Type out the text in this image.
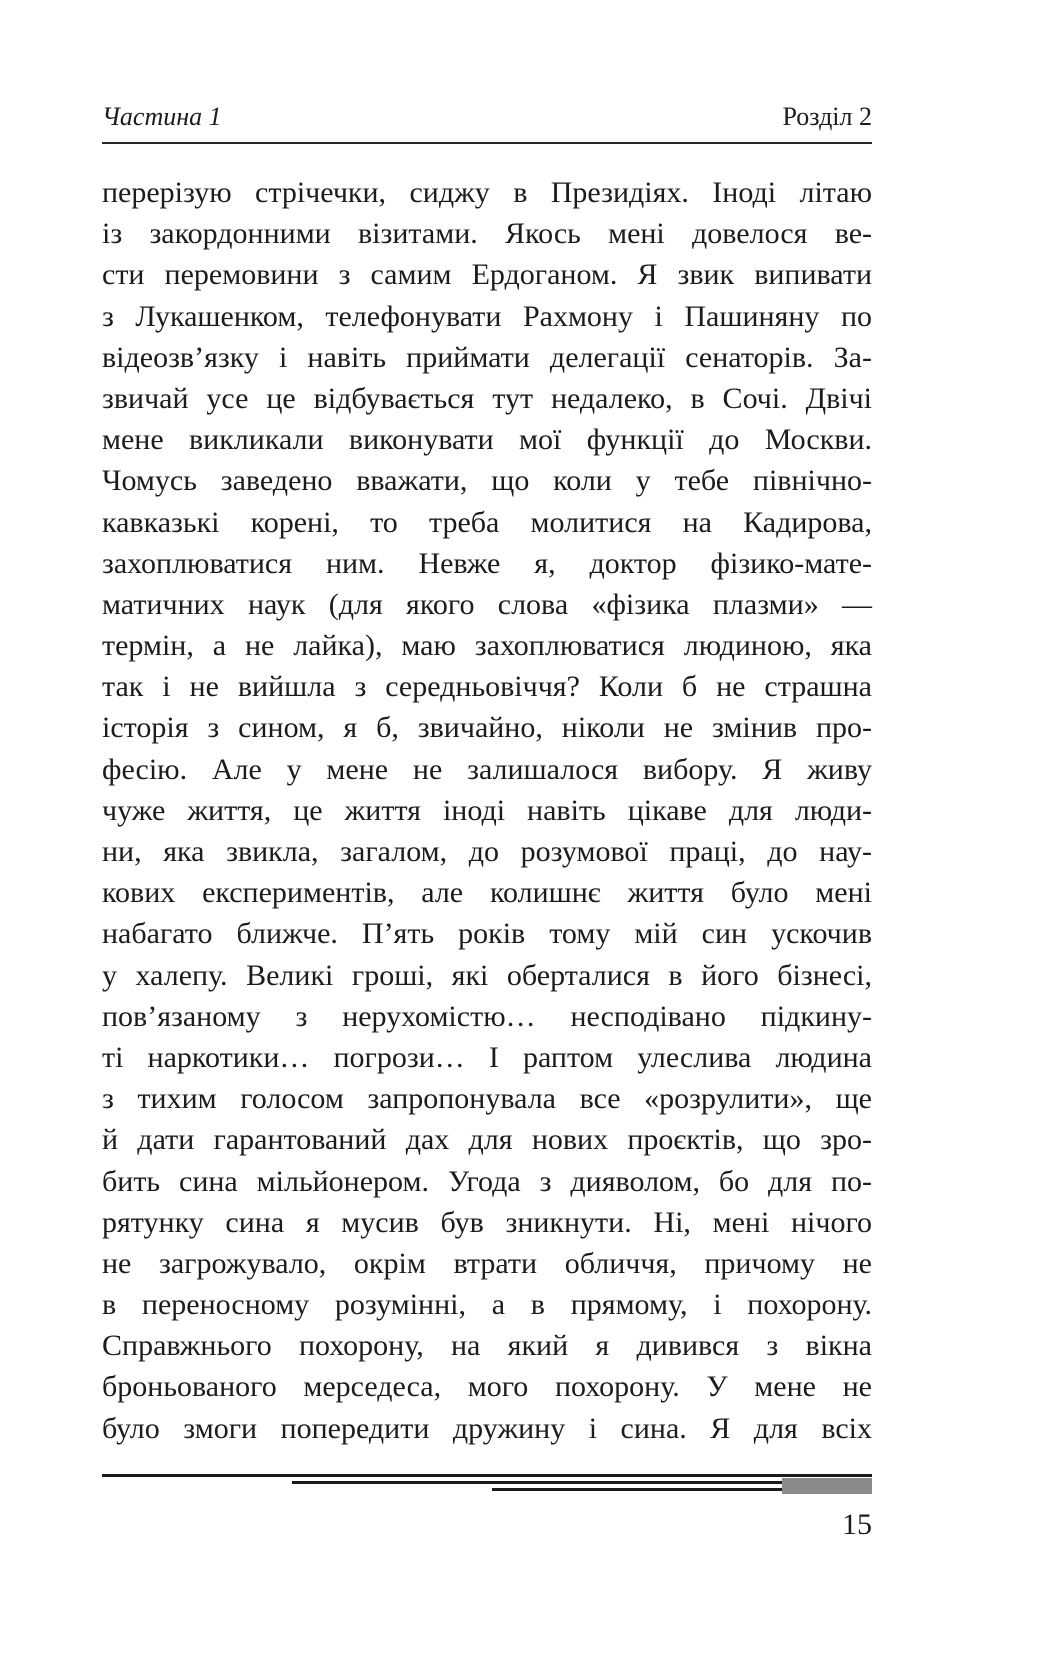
Частина 1	Розділ 2
перерізую стрічечки, сиджу в Президіях. Іноді літаю
із закордонними візитами. Якось мені довелося ве-
сти перемовини з самим Ердоганом. Я звик випивати
з Лукашенком, телефонувати Рахмону і Пашиняну по
відеозв’язку і навіть приймати делегації сенаторів. За-
звичай усе це відбувається тут недалеко, в Сочі. Двічі
мене викликали виконувати мої функції до Москви.
Чомусь заведено вважати, що коли у тебе північно-
кавказькі корені, то треба молитися на Кадирова,
захоплюватися ним. Невже я, доктор фізико-мате-
матичних наук (для якого слова «фізика плазми» —
термін, а не лайка), маю захоплюватися людиною, яка
так і не вийшла з середньовіччя? Коли б не страшна
історія з сином, я б, звичайно, ніколи не змінив про-
фесію. Але у мене не залишалося вибору. Я живу
чуже життя, це життя іноді навіть цікаве для люди-
ни, яка звикла, загалом, до розумової праці, до нау-
кових експериментів, але колишнє життя було мені
набагато ближче. П’ять років тому мій син ускочив
у халепу. Великі гроші, які оберталися в його бізнесі,
пов’язаному з нерухомістю… несподівано підкину-
ті наркотики… погрози… І раптом улеслива людина
з тихим голосом запропонувала все «розрулити», ще
й дати гарантований дах для нових проєктів, що зро-
бить сина мільйонером. Угода з дияволом, бо для по-
рятунку сина я мусив був зникнути. Ні, мені нічого
не загрожувало, окрім втрати обличчя, причому не
в переносному розумінні, а в прямому, і похорону.
Справжнього похорону, на який я дивився з вікна
броньованого мерседеса, мого похорону. У мене не
було змоги попередити дружину і сина. Я для всіх
15
